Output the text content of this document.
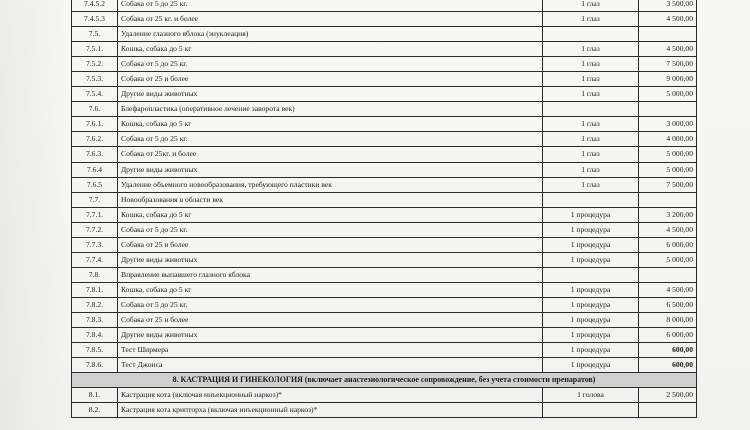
7.4.5.2	Собака от 5 до 25 кг.	1 глаз	3 500,00
7.4.5.3	Собака от 25 кг. и более	1 глаз	4 500,00
7.5.	Удаление глазного яблока (энуклеация)		
7.5.1.	Кошка, собака до 5 кг	1 глаз	4 500,00
7.5.2.	Собака от 5 до 25 кг.	1 глаз	7 500,00
7.5.3.	Собака от 25 и более	1 глаз	9 000,00
7.5.4.	Другие виды животных	1 глаз	5 000,00
7.6.	Блефаропластика (оперативное лечение заворота век)		
7.6.1.	Кошка, собака до 5 кг	1 глаз	3 000,00
7.6.2.	Собака от 5 до 25 кг.	1 глаз	4 000,00
7.6.3.	Собака от 25кг. и более	1 глаз	5 000,00
7.6.4	Другие виды животных	1 глаз	5 000,00
7.6.5	Удаление объемного новообразования, требующего пластики век	1 глаз	7 500,00
7.7.	Новообразования в области век		
7.7.1.	Кошка, собака до 5 кг	1 процедура	3 200,00
7.7.2.	Собака от 5 до 25 кг.	1 процедура	4 500,00
7.7.3.	Собака от 25 и более	1 процедура	6 000,00
7.7.4.	Другие виды животных	1 процедура	5 000,00
7.8.	Вправление выпавшего глазного яблока		
7.8.1.	Кошка, собака до 5 кг	1 процедура	4 500,00
7.8.2.	Собака от 5 до 25 кг.	1 процедура	6 500,00
7.8.3.	Собака от 25 и более	1 процедура	8 000,00
7.8.4.	Другие виды животных	1 процедура	6 000,00
7.8.5.	Тест Ширмера	1 процедура	600,00
7.8.6.	Тест Джонса	1 процедура	600,00
8. КАСТРАЦИЯ И ГИНЕКОЛОГИЯ (включает анастезиологическое сопровождение, без учета стоимости препаратов)			
8.1.	Кастрация кота (включая инъекционный наркоз)*	1 голова	2 500,00
8.2.	Кастрация кота крипторха (включая инъекционный наркоз)*		
